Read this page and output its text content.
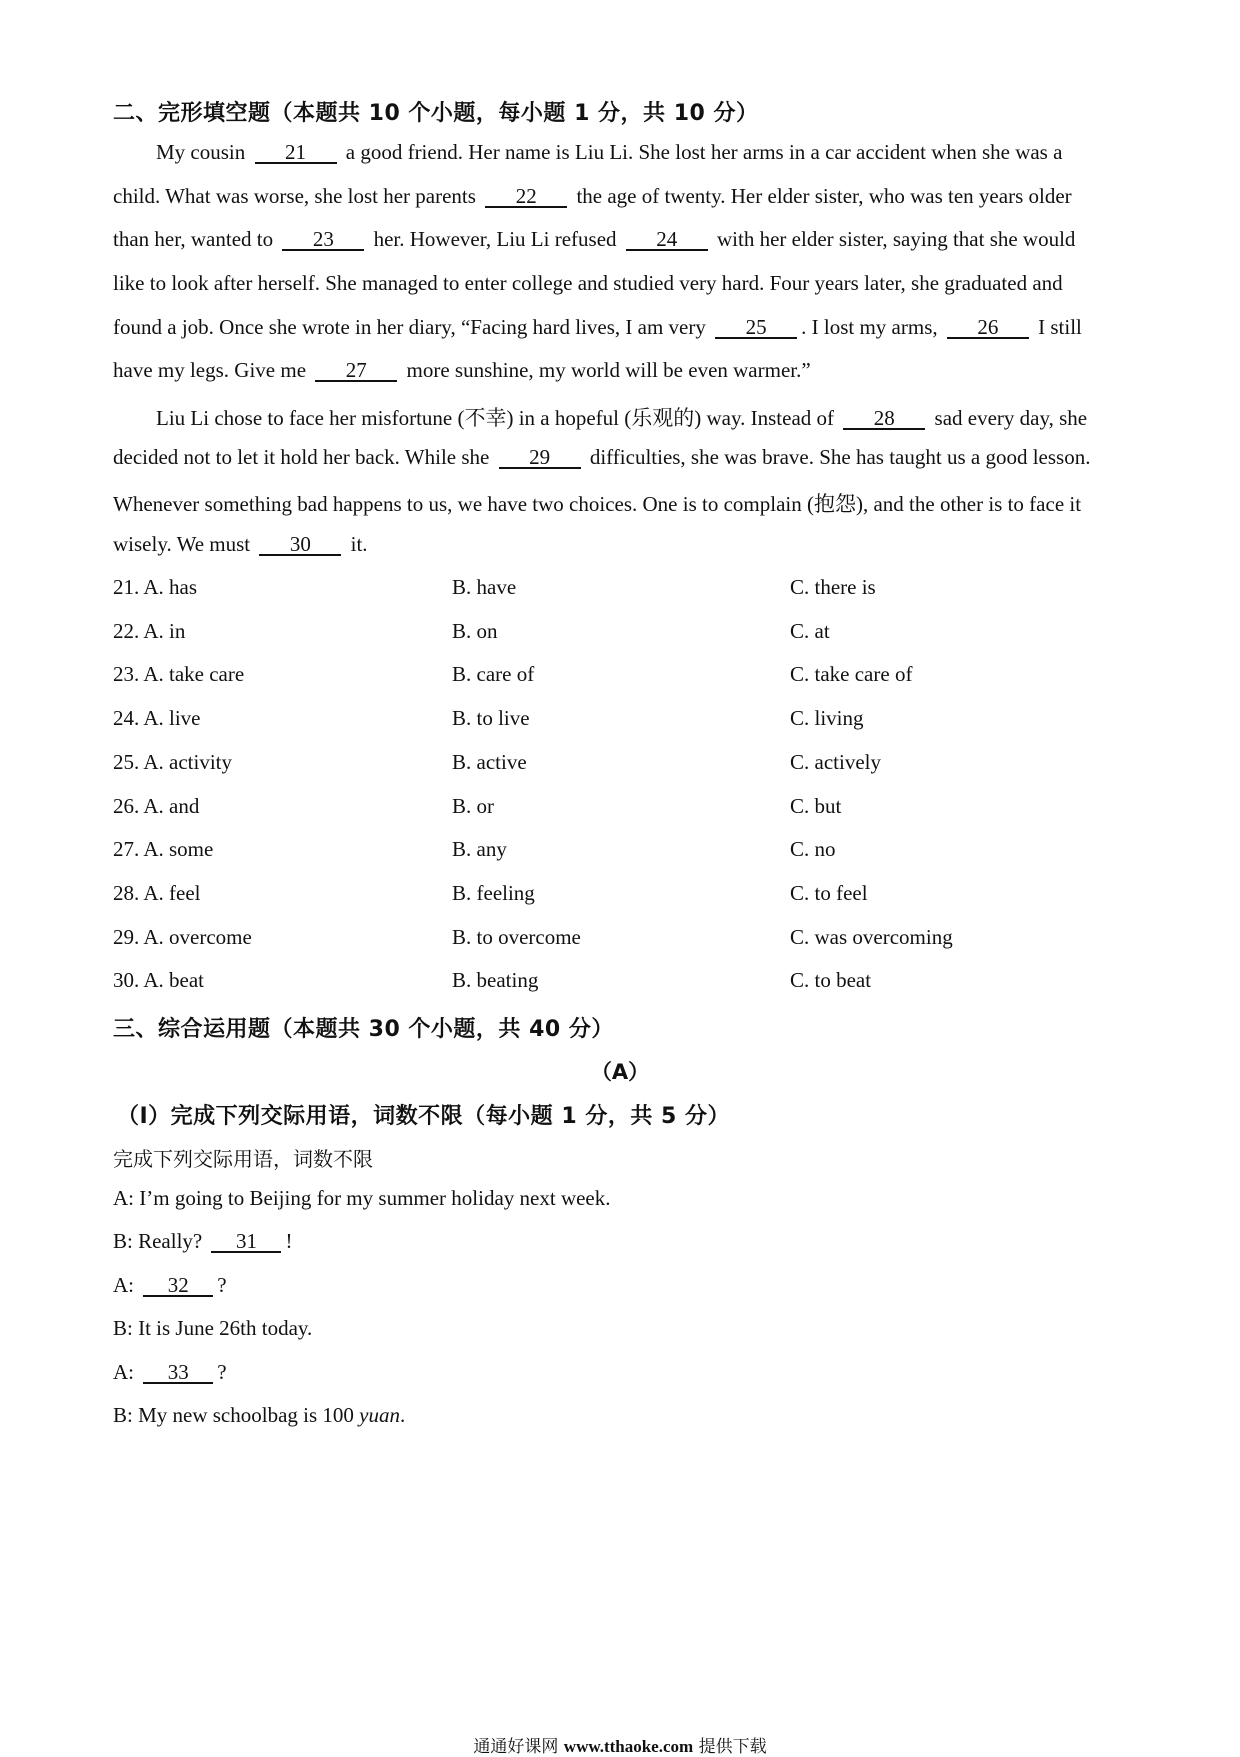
二、完形填空题（本题共 10 个小题，每小题 1 分，共 10 分）
My cousin 21 a good friend. Her name is Liu Li. She lost her arms in a car accident when she was a
child. What was worse, she lost her parents 22 the age of twenty. Her elder sister, who was ten years older
than her, wanted to 23 her. However, Liu Li refused 24 with her elder sister, saying that she would
like to look after herself. She managed to enter college and studied very hard. Four years later, she graduated and
found a job. Once she wrote in her diary, “Facing hard lives, I am very 25 . I lost my arms, 26 I still
have my legs. Give me 27 more sunshine, my world will be even warmer.”
Liu Li chose to face her misfortune (不幸) in a hopeful (乐观的) way. Instead of 28 sad every day, she
decided not to let it hold her back. While she 29 difficulties, she was brave. She has taught us a good lesson.
Whenever something bad happens to us, we have two choices. One is to complain (抱怨), and the other is to face it
wisely. We must 30 it.
21. A. has	B. have	C. there is
22. A. in	B. on	C. at
23. A. take care	B. care of	C. take care of
24. A. live	B. to live	C. living
25. A. activity	B. active	C. actively
26. A. and	B. or	C. but
27. A. some	B. any	C. no
28. A. feel	B. feeling	C. to feel
29. A. overcome	B. to overcome	C. was overcoming
30. A. beat	B. beating	C. to beat
三、综合运用题（本题共 30 个小题，共 40 分）
（A）
（Ⅰ）完成下列交际用语，词数不限（每小题 1 分，共 5 分）
完成下列交际用语，词数不限
A: I’m going to Beijing for my summer holiday next week.
B: Really? 31 !
A: 32 ?
B: It is June 26th today.
A: 33 ?
B: My new schoolbag is 100 yuan.
通通好课网 www.tthaoke.com 提供下载
